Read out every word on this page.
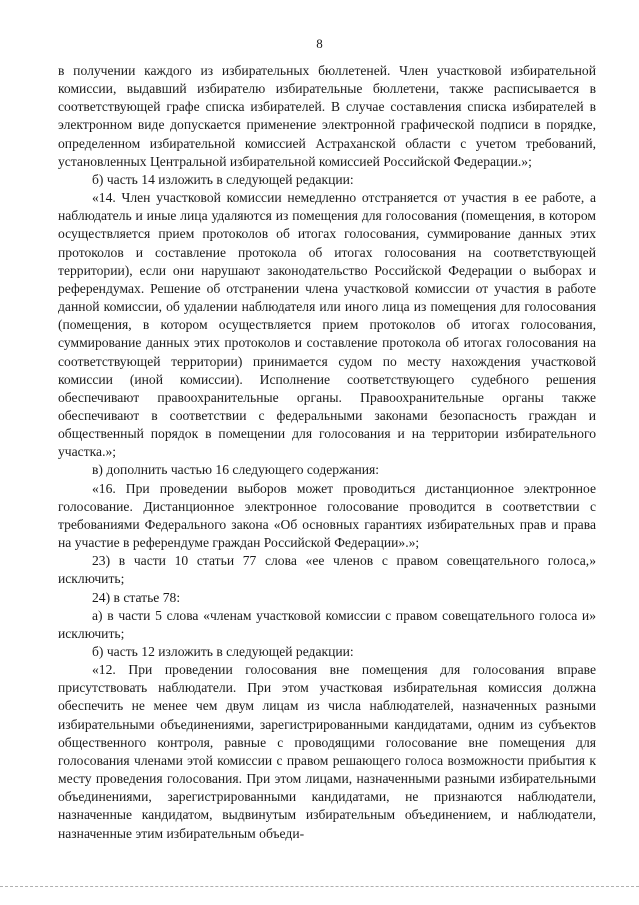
8

в получении каждого из избирательных бюллетеней. Член участковой избирательной комиссии, выдавший избирателю избирательные бюллетени, также расписывается в соответствующей графе списка избирателей. В случае составления списка избирателей в электронном виде допускается применение электронной графической подписи в порядке, определенном избирательной комиссией Астраханской области с учетом требований, установленных Центральной избирательной комиссией Российской Федерации.»;

б) часть 14 изложить в следующей редакции:

«14. Член участковой комиссии немедленно отстраняется от участия в ее работе, а наблюдатель и иные лица удаляются из помещения для голосования (помещения, в котором осуществляется прием протоколов об итогах голосования, суммирование данных этих протоколов и составление протокола об итогах голосования на соответствующей территории), если они нарушают законодательство Российской Федерации о выборах и референдумах. Решение об отстранении члена участковой комиссии от участия в работе данной комиссии, об удалении наблюдателя или иного лица из помещения для голосования (помещения, в котором осуществляется прием протоколов об итогах голосования, суммирование данных этих протоколов и составление протокола об итогах голосования на соответствующей территории) принимается судом по месту нахождения участковой комиссии (иной комиссии). Исполнение соответствующего судебного решения обеспечивают правоохранительные органы. Правоохранительные органы также обеспечивают в соответствии с федеральными законами безопасность граждан и общественный порядок в помещении для голосования и на территории избирательного участка.»;

в) дополнить частью 16 следующего содержания:

«16. При проведении выборов может проводиться дистанционное электронное голосование. Дистанционное электронное голосование проводится в соответствии с требованиями Федерального закона «Об основных гарантиях избирательных прав и права на участие в референдуме граждан Российской Федерации».»;

23) в части 10 статьи 77 слова «ее членов с правом совещательного голоса,» исключить;

24) в статье 78:

а) в части 5 слова «членам участковой комиссии с правом совещательного голоса и» исключить;

б) часть 12 изложить в следующей редакции:

«12. При проведении голосования вне помещения для голосования вправе присутствовать наблюдатели. При этом участковая избирательная комиссия должна обеспечить не менее чем двум лицам из числа наблюдателей, назначенных разными избирательными объединениями, зарегистрированными кандидатами, одним из субъектов общественного контроля, равные с проводящими голосование вне помещения для голосования членами этой комиссии с правом решающего голоса возможности прибытия к месту проведения голосования. При этом лицами, назначенными разными избирательными объединениями, зарегистрированными кандидатами, не признаются наблюдатели, назначенные кандидатом, выдвинутым избирательным объединением, и наблюдатели, назначенные этим избирательным объеди-
